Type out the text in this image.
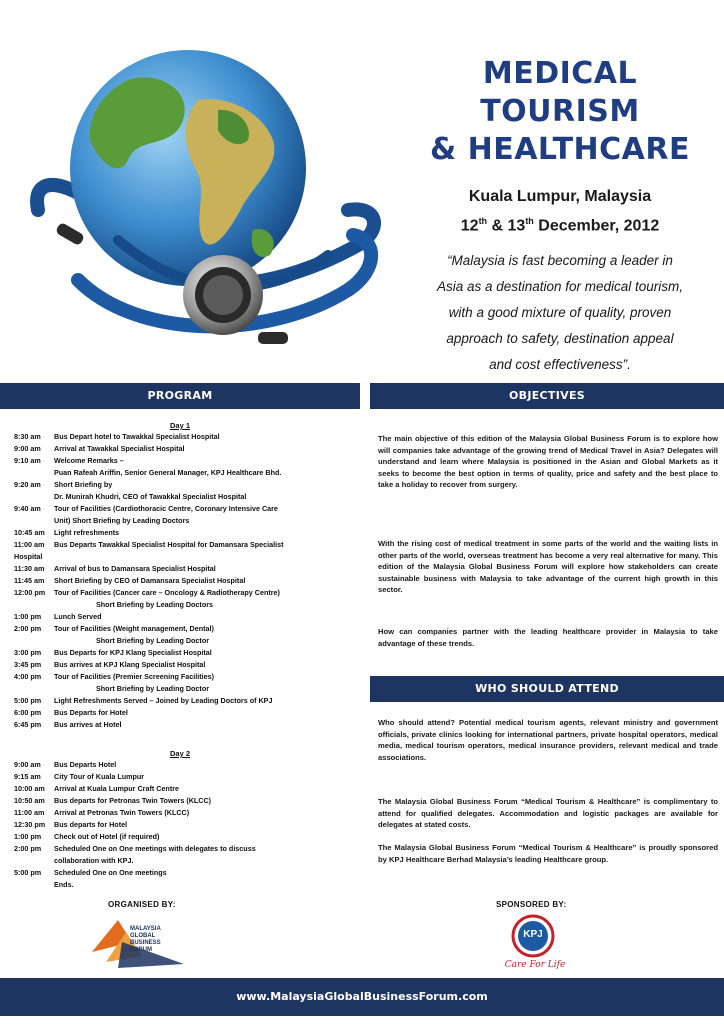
MEDICAL
TOURISM
& HEALTHCARE
Kuala Lumpur, Malaysia
12th & 13th December, 2012
“Malaysia is fast becoming a leader in
Asia as a destination for medical tourism,
with a good mixture of quality, proven
approach to safety, destination appeal
and cost effectiveness”.
PROGRAM	OBJECTIVES
WHO SHOULD ATTEND
Day 1
8:30 am	Bus Depart hotel to Tawakkal Specialist Hospital
9:00 am	Arrival at Tawakkal Specialist Hospital
9:10 am	Welcome Remarks –
Puan Rafeah Ariffin, Senior General Manager, KPJ Healthcare Bhd.
9:20 am	Short Briefing by
Dr. Munirah Khudri, CEO of Tawakkal Specialist Hospital
9:40 am	Tour of Facilities (Cardiothoracic Centre, Coronary Intensive Care
Unit) Short Briefing by Leading Doctors
10:45 am	Light refreshments
11:00 am	Bus Departs Tawakkal Specialist Hospital for Damansara Specialist
Hospital
11:30 am	Arrival of bus to Damansara Specialist Hospital
11:45 am	Short Briefing by CEO of Damansara Specialist Hospital
12:00 pm	Tour of Facilities (Cancer care – Oncology & Radiotherapy Centre)
Short Briefing by Leading Doctors
1:00 pm	Lunch Served
2:00 pm	Tour of Facilities (Weight management, Dental)
Short Briefing by Leading Doctor
3:00 pm	Bus Departs for KPJ Klang Specialist Hospital
3:45 pm	Bus arrives at KPJ Klang Specialist Hospital
4:00 pm	Tour of Facilities (Premier Screening Facilities)
Short Briefing by Leading Doctor
5:00 pm	Light Refreshments Served – Joined by Leading Doctors of KPJ
6:00 pm	Bus Departs for Hotel
6:45 pm	Bus arrives at Hotel
Day 2
9:00 am	Bus Departs Hotel
9:15 am	City Tour of Kuala Lumpur
10:00 am	Arrival at Kuala Lumpur Craft Centre
10:50 am	Bus departs for Petronas Twin Towers (KLCC)
11:00 am	Arrival at Petronas Twin Towers (KLCC)
12:30 pm	Bus departs for Hotel
1:00 pm	Check out of Hotel (if required)
2:00 pm	Scheduled One on One meetings with delegates to discuss
collaboration with KPJ.
5:00 pm	Scheduled One on One meetings
Ends.
The main objective of this edition of the Malaysia Global Business Forum is to explore how will companies take advantage of the growing trend of Medical Travel in Asia? Delegates will understand and learn where Malaysia is positioned in the Asian and Global Markets as it seeks to become the best option in terms of quality, price and safety and the best place to take a holiday to recover from surgery.
With the rising cost of medical treatment in some parts of the world and the waiting lists in other parts of the world, overseas treatment has become a very real alternative for many. This edition of the Malaysia Global Business Forum will explore how stakeholders can create sustainable business with Malaysia to take advantage of the current high growth in this sector.
How can companies partner with the leading healthcare provider in Malaysia to take advantage of these trends.
Who should attend? Potential medical tourism agents, relevant ministry and government officials, private clinics looking for international partners, private hospital operators, medical media, medical tourism operators, medical insurance providers, relevant medical and trade associations.
The Malaysia Global Business Forum “Medical Tourism & Healthcare” is complimentary to attend for qualified delegates. Accommodation and logistic packages are available for delegates at stated costs.
The Malaysia Global Business Forum “Medical Tourism & Healthcare” is proudly sponsored by KPJ Healthcare Berhad Malaysia’s leading Healthcare group.
ORGANISED BY:
MALAYSIA
GLOBAL
BUSINESS
FORUM
SPONSORED BY:
KPJ
Care For Life
www.MalaysiaGlobalBusinessForum.com
